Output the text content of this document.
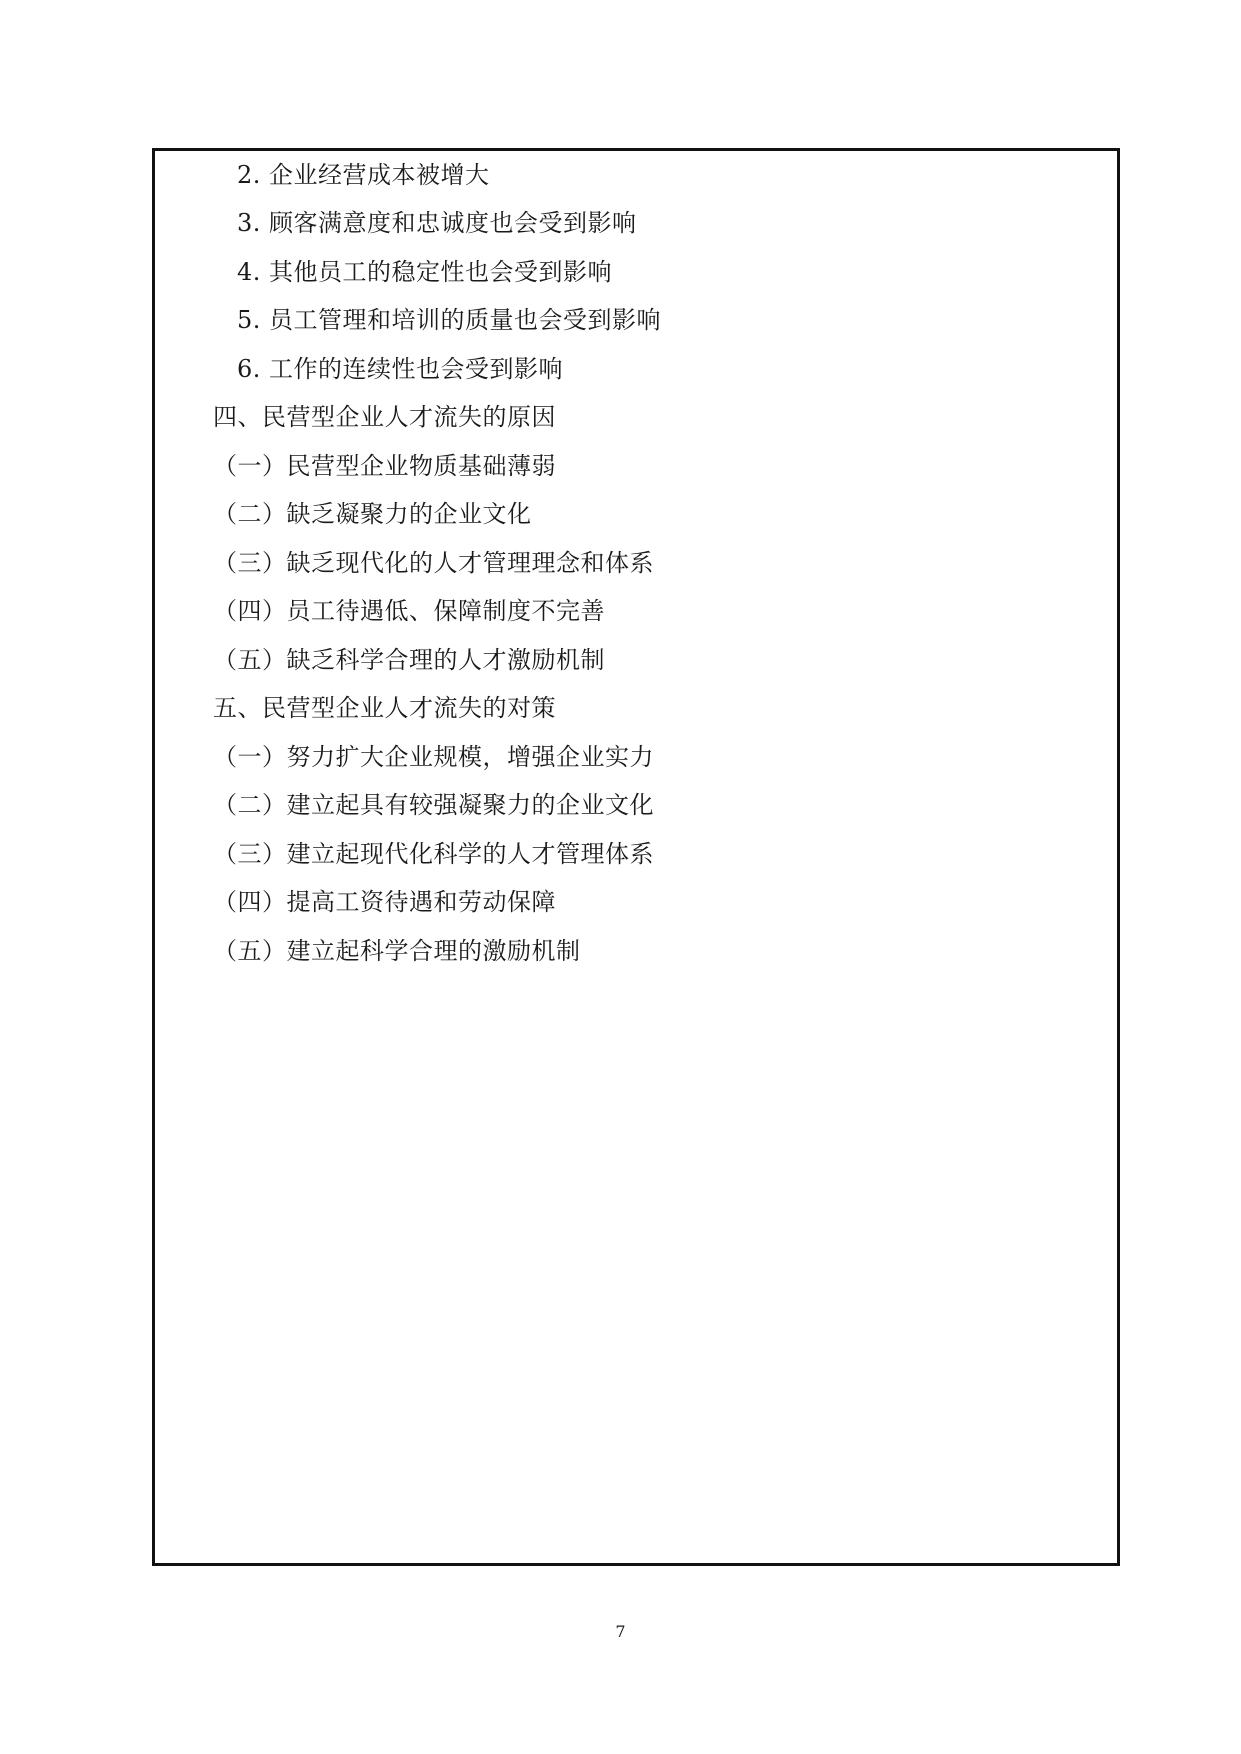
2. 企业经营成本被增大
3. 顾客满意度和忠诚度也会受到影响
4. 其他员工的稳定性也会受到影响
5. 员工管理和培训的质量也会受到影响
6. 工作的连续性也会受到影响
四、民营型企业人才流失的原因
（一）民营型企业物质基础薄弱
（二）缺乏凝聚力的企业文化
（三）缺乏现代化的人才管理理念和体系
（四）员工待遇低、保障制度不完善
（五）缺乏科学合理的人才激励机制
五、民营型企业人才流失的对策
（一）努力扩大企业规模，增强企业实力
（二）建立起具有较强凝聚力的企业文化
（三）建立起现代化科学的人才管理体系
（四）提高工资待遇和劳动保障
（五）建立起科学合理的激励机制
7
